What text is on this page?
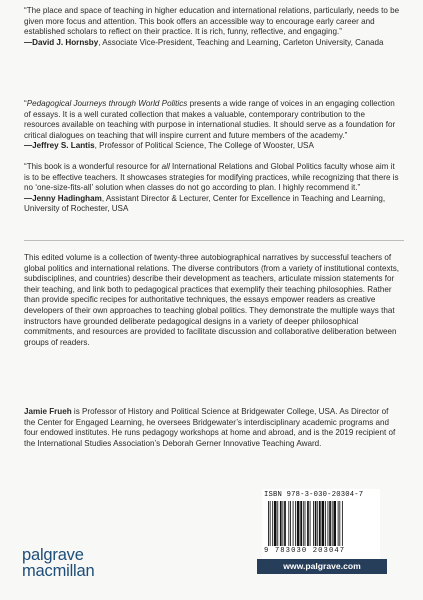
“The place and space of teaching in higher education and international relations, particularly, needs to be given more focus and attention. This book offers an accessible way to encourage early career and established scholars to reflect on their practice. It is rich, funny, reflective, and engaging.”

—David J. Hornsby, Associate Vice-President, Teaching and Learning, Carleton University, Canada

“Pedagogical Journeys through World Politics presents a wide range of voices in an engaging collection of essays. It is a well curated collection that makes a valuable, contemporary contribution to the resources available on teaching with purpose in international studies. It should serve as a foundation for critical dialogues on teaching that will inspire current and future members of the academy.”

—Jeffrey S. Lantis, Professor of Political Science, The College of Wooster, USA

“This book is a wonderful resource for all International Relations and Global Politics faculty whose aim it is to be effective teachers. It showcases strategies for modifying practices, while recognizing that there is no ‘one-size-fits-all’ solution when classes do not go according to plan. I highly recommend it.”

—Jenny Hadingham, Assistant Director & Lecturer, Center for Excellence in Teaching and Learning, University of Rochester, USA

This edited volume is a collection of twenty-three autobiographical narratives by successful teachers of global politics and international relations. The diverse contributors (from a variety of institutional contexts, subdisciplines, and countries) describe their development as teachers, articulate mission statements for their teaching, and link both to pedagogical practices that exemplify their teaching philosophies. Rather than provide specific recipes for authoritative techniques, the essays empower readers as creative developers of their own approaches to teaching global politics. They demonstrate the multiple ways that instructors have grounded deliberate pedagogical designs in a variety of deeper philosophical commitments, and resources are provided to facilitate discussion and collaborative deliberation between groups of readers.

Jamie Frueh is Professor of History and Political Science at Bridgewater College, USA. As Director of the Center for Engaged Learning, he oversees Bridgewater’s interdisciplinary academic programs and four endowed institutes. He runs pedagogy workshops at home and abroad, and is the 2019 recipient of the International Studies Association’s Deborah Gerner Innovative Teaching Award.

ISBN 978-3-030-20304-7
9 783030 203047
palgrave
macmillan	www.palgrave.com
